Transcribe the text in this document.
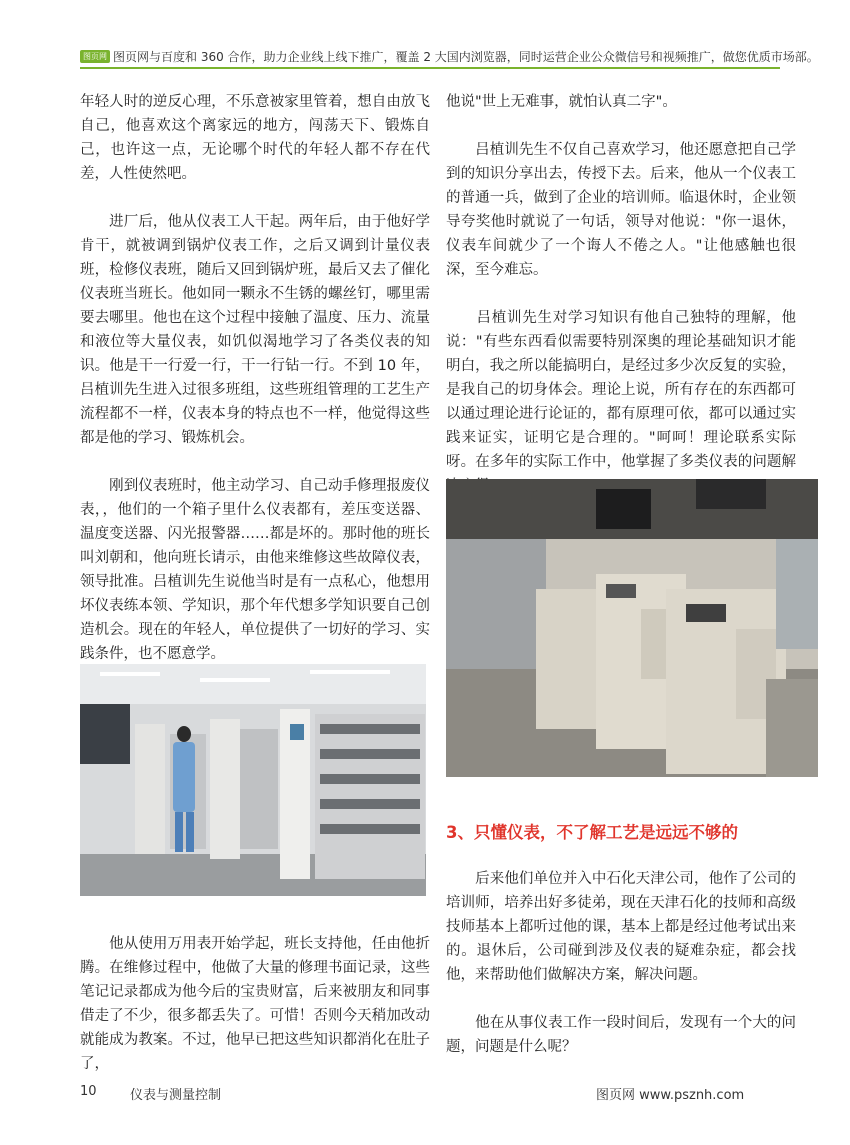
图页网 图页网与百度和 360 合作，助力企业线上线下推广，覆盖 2 大国内浏览器，同时运营企业公众微信号和视频推广，做您优质市场部。

年轻人时的逆反心理，不乐意被家里管着，想自由放飞自己，他喜欢这个离家远的地方，闯荡天下、锻炼自己，也许这一点，无论哪个时代的年轻人都不存在代差，人性使然吧。

　　进厂后，他从仪表工人干起。两年后，由于他好学肯干，就被调到锅炉仪表工作，之后又调到计量仪表班，检修仪表班，随后又回到锅炉班，最后又去了催化仪表班当班长。他如同一颗永不生锈的螺丝钉，哪里需要去哪里。他也在这个过程中接触了温度、压力、流量和液位等大量仪表，如饥似渴地学习了各类仪表的知识。他是干一行爱一行，干一行钻一行。不到 10 年，吕植训先生进入过很多班组，这些班组管理的工艺生产流程都不一样，仪表本身的特点也不一样，他觉得这些都是他的学习、锻炼机会。

　　刚到仪表班时，他主动学习、自己动手修理报废仪表，，他们的一个箱子里什么仪表都有，差压变送器、温度变送器、闪光报警器……都是坏的。那时他的班长叫刘朝和，他向班长请示，由他来维修这些故障仪表，领导批准。吕植训先生说他当时是有一点私心，他想用坏仪表练本领、学知识，那个年代想多学知识要自己创造机会。现在的年轻人，单位提供了一切好的学习、实践条件，也不愿意学。

　　他从使用万用表开始学起，班长支持他，任由他折腾。在维修过程中，他做了大量的修理书面记录，这些笔记记录都成为他今后的宝贵财富，后来被朋友和同事借走了不少，很多都丢失了。可惜！否则今天稍加改动就能成为教案。不过，他早已把这些知识都消化在肚子了，

他说"世上无难事，就怕认真二字"。

　　吕植训先生不仅自己喜欢学习，他还愿意把自己学到的知识分享出去，传授下去。后来，他从一个仪表工的普通一兵，做到了企业的培训师。临退休时，企业领导夸奖他时就说了一句话，领导对他说："你一退休，仪表车间就少了一个诲人不倦之人。"让他感触也很深，至今难忘。

　　吕植训先生对学习知识有他自己独特的理解，他说："有些东西看似需要特别深奥的理论基础知识才能明白，我之所以能搞明白，是经过多少次反复的实验，是我自己的切身体会。理论上说，所有存在的东西都可以通过理论进行论证的，都有原理可依，都可以通过实践来证实，证明它是合理的。"呵呵！理论联系实际呀。在多年的实际工作中，他掌握了多类仪表的问题解

3、只懂仪表，不了解工艺是远远不够的

　　后来他们单位并入中石化天津公司，他作了公司的培训师，培养出好多徒弟，现在天津石化的技师和高级技师基本上都听过他的课，基本上都是经过他考试出来的。退休后，公司碰到涉及仪表的疑难杂症，都会找他，来帮助他们做解决方案，解决问题。

　　他在从事仪表工作一段时间后，发现有一个大的问题，问题是什么呢？

10	仪表与测量控制	图页网 www.psznh.com
